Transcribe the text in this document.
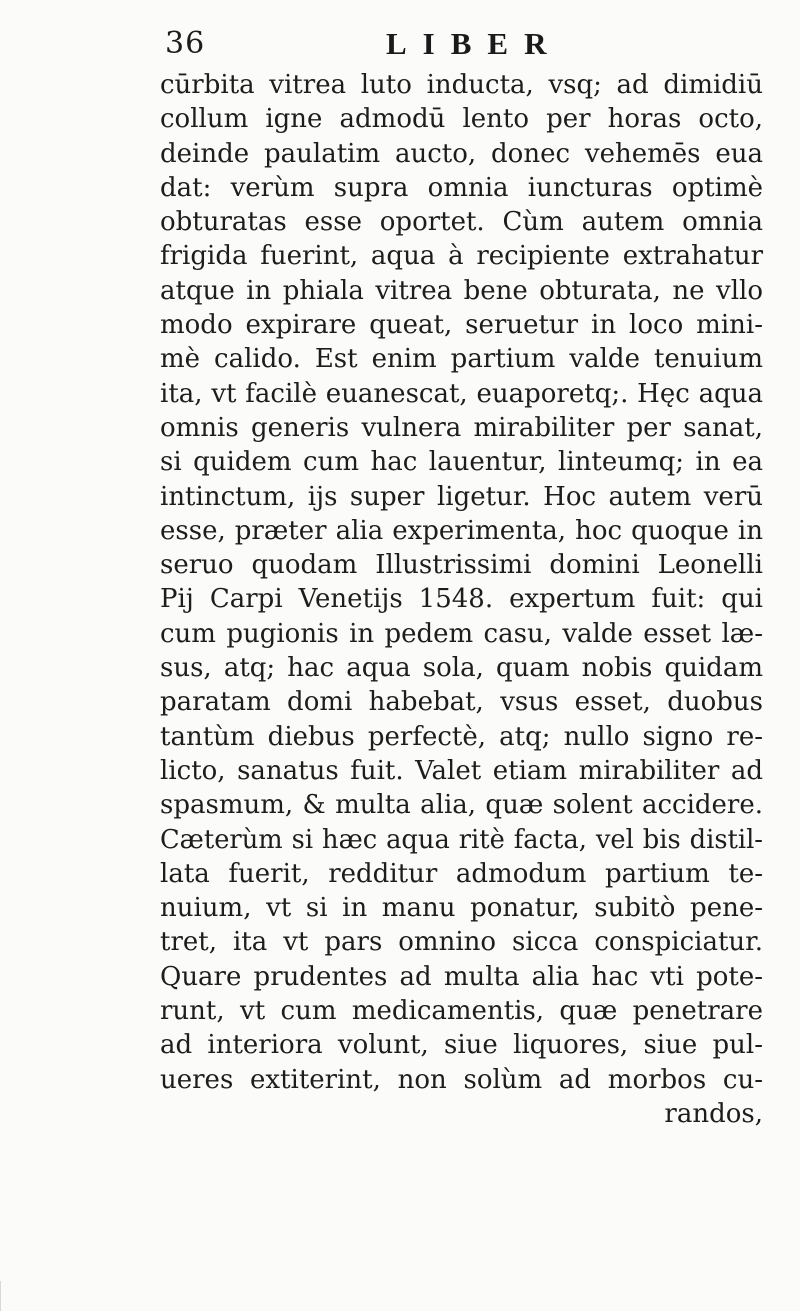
36	LIBER
cūrbita vitrea luto inducta, vsq; ad dimidiū
collum igne admodū lento per horas octo,
deinde paulatim aucto, donec vehemēs eua
dat: verùm supra omnia iuncturas optimè
obturatas esse oportet. Cùm autem omnia
frigida fuerint, aqua à recipiente extrahatur
atque in phiala vitrea bene obturata, ne vllo
modo expirare queat, seruetur in loco mini-
mè calido. Est enim partium valde tenuium
ita, vt facilè euanescat, euaporetq;. Hęc aqua
omnis generis vulnera mirabiliter per sanat,
si quidem cum hac lauentur, linteumq; in ea
intinctum, ijs super ligetur. Hoc autem verū
esse, præter alia experimenta, hoc quoque in
seruo quodam Illustrissimi domini Leonelli
Pij Carpi Venetijs 1548. expertum fuit: qui
cum pugionis in pedem casu, valde esset læ-
sus, atq; hac aqua sola, quam nobis quidam
paratam domi habebat, vsus esset, duobus
tantùm diebus perfectè, atq; nullo signo re-
licto, sanatus fuit. Valet etiam mirabiliter ad
spasmum, & multa alia, quæ solent accidere.
Cæterùm si hæc aqua ritè facta, vel bis distil-
lata fuerit, redditur admodum partium te-
nuium, vt si in manu ponatur, subitò pene-
tret, ita vt pars omnino sicca conspiciatur.
Quare prudentes ad multa alia hac vti pote-
runt, vt cum medicamentis, quæ penetrare
ad interiora volunt, siue liquores, siue pul-
ueres extiterint, non solùm ad morbos cu-
randos,
